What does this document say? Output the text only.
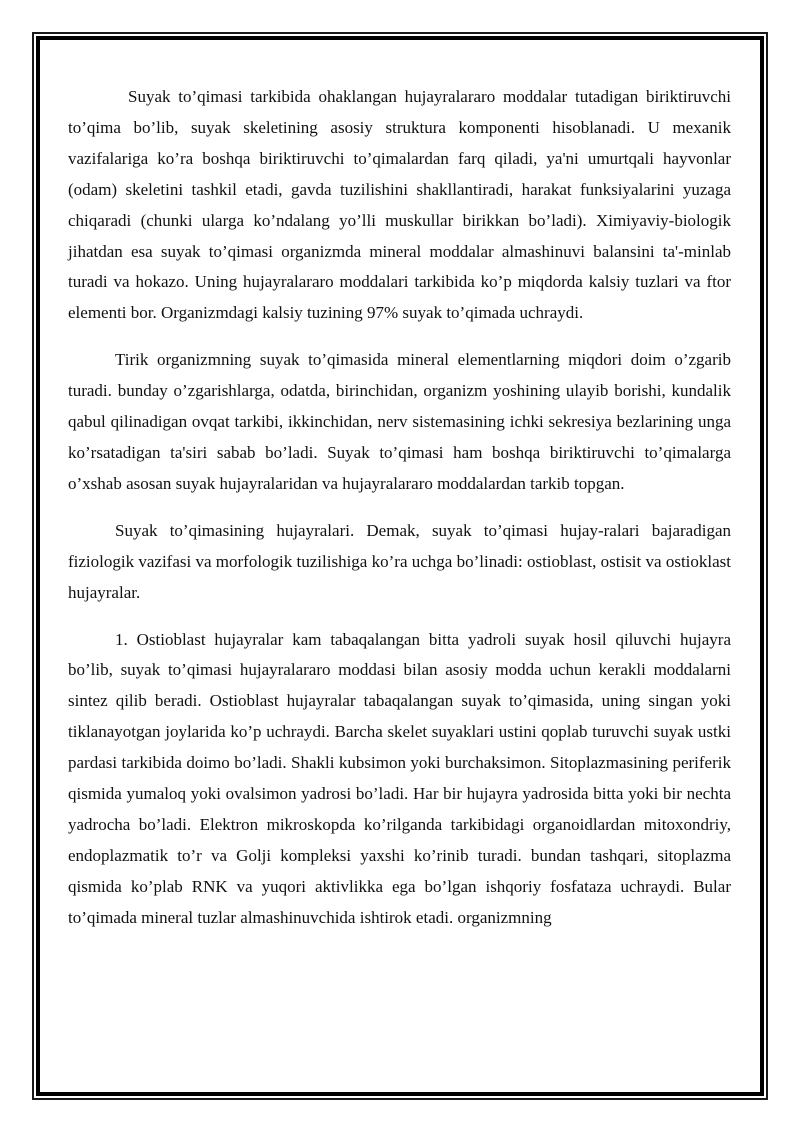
Suyak to’qimasi tarkibida ohaklangan hujayralararo moddalar tutadigan biriktiruvchi to’qima bo’lib, suyak skeletining asosiy struktura komponenti hisoblanadi. U mexanik vazifalariga ko’ra boshqa biriktiruvchi to’qimalardan farq qiladi, ya'ni umurtqali hayvonlar (odam) skeletini tashkil etadi, gavda tuzilishini shakllantiradi, harakat funksiyalarini yuzaga chiqaradi (chunki ularga ko’ndalang yo’lli muskullar birikkan bo’ladi). Ximiyaviy-biologik jihatdan esa suyak to’qimasi organizmda mineral moddalar almashinuvi balansini ta'-minlab turadi va hokazo. Uning hujayralararo moddalari tarkibida ko’p miqdorda kalsiy tuzlari va ftor elementi bor. Organizmdagi kalsiy tuzining 97% suyak to’qimada uchraydi.

Tirik organizmning suyak to’qimasida mineral elementlarning miqdori doim o’zgarib turadi. bunday o’zgarishlarga, odatda, birinchidan, organizm yoshining ulayib borishi, kundalik qabul qilinadigan ovqat tarkibi, ikkinchidan, nerv sistemasining ichki sekresiya bezlarining unga ko’rsatadigan ta'siri sabab bo’ladi. Suyak to’qimasi ham boshqa biriktiruvchi to’qimalarga o’xshab asosan suyak hujayralaridan va hujayralararo moddalardan tarkib topgan.

Suyak to’qimasining hujayralari. Demak, suyak to’qimasi hujay-ralari bajaradigan fiziologik vazifasi va morfologik tuzilishiga ko’ra uchga bo’linadi: ostioblast, ostisit va ostioklast hujayralar.

1. Ostioblast hujayralar kam tabaqalangan bitta yadroli suyak hosil qiluvchi hujayra bo’lib, suyak to’qimasi hujayralararo moddasi bilan asosiy modda uchun kerakli moddalarni sintez qilib beradi. Ostioblast hujayralar tabaqalangan suyak to’qimasida, uning singan yoki tiklanayotgan joylarida ko’p uchraydi. Barcha skelet suyaklari ustini qoplab turuvchi suyak ustki pardasi tarkibida doimo bo’ladi. Shakli kubsimon yoki burchaksimon. Sitoplazmasining periferik qismida yumaloq yoki ovalsimon yadrosi bo’ladi. Har bir hujayra yadrosida bitta yoki bir nechta yadrocha bo’ladi. Elektron mikroskopda ko’rilganda tarkibidagi organoidlardan mitoxondriy, endoplazmatik to’r va Golji kompleksi yaxshi ko’rinib turadi. bundan tashqari, sitoplazma qismida ko’plab RNK va yuqori aktivlikka ega bo’lgan ishqoriy fosfataza uchraydi. Bular to’qimada mineral tuzlar almashinuvchida ishtirok etadi. organizmning
